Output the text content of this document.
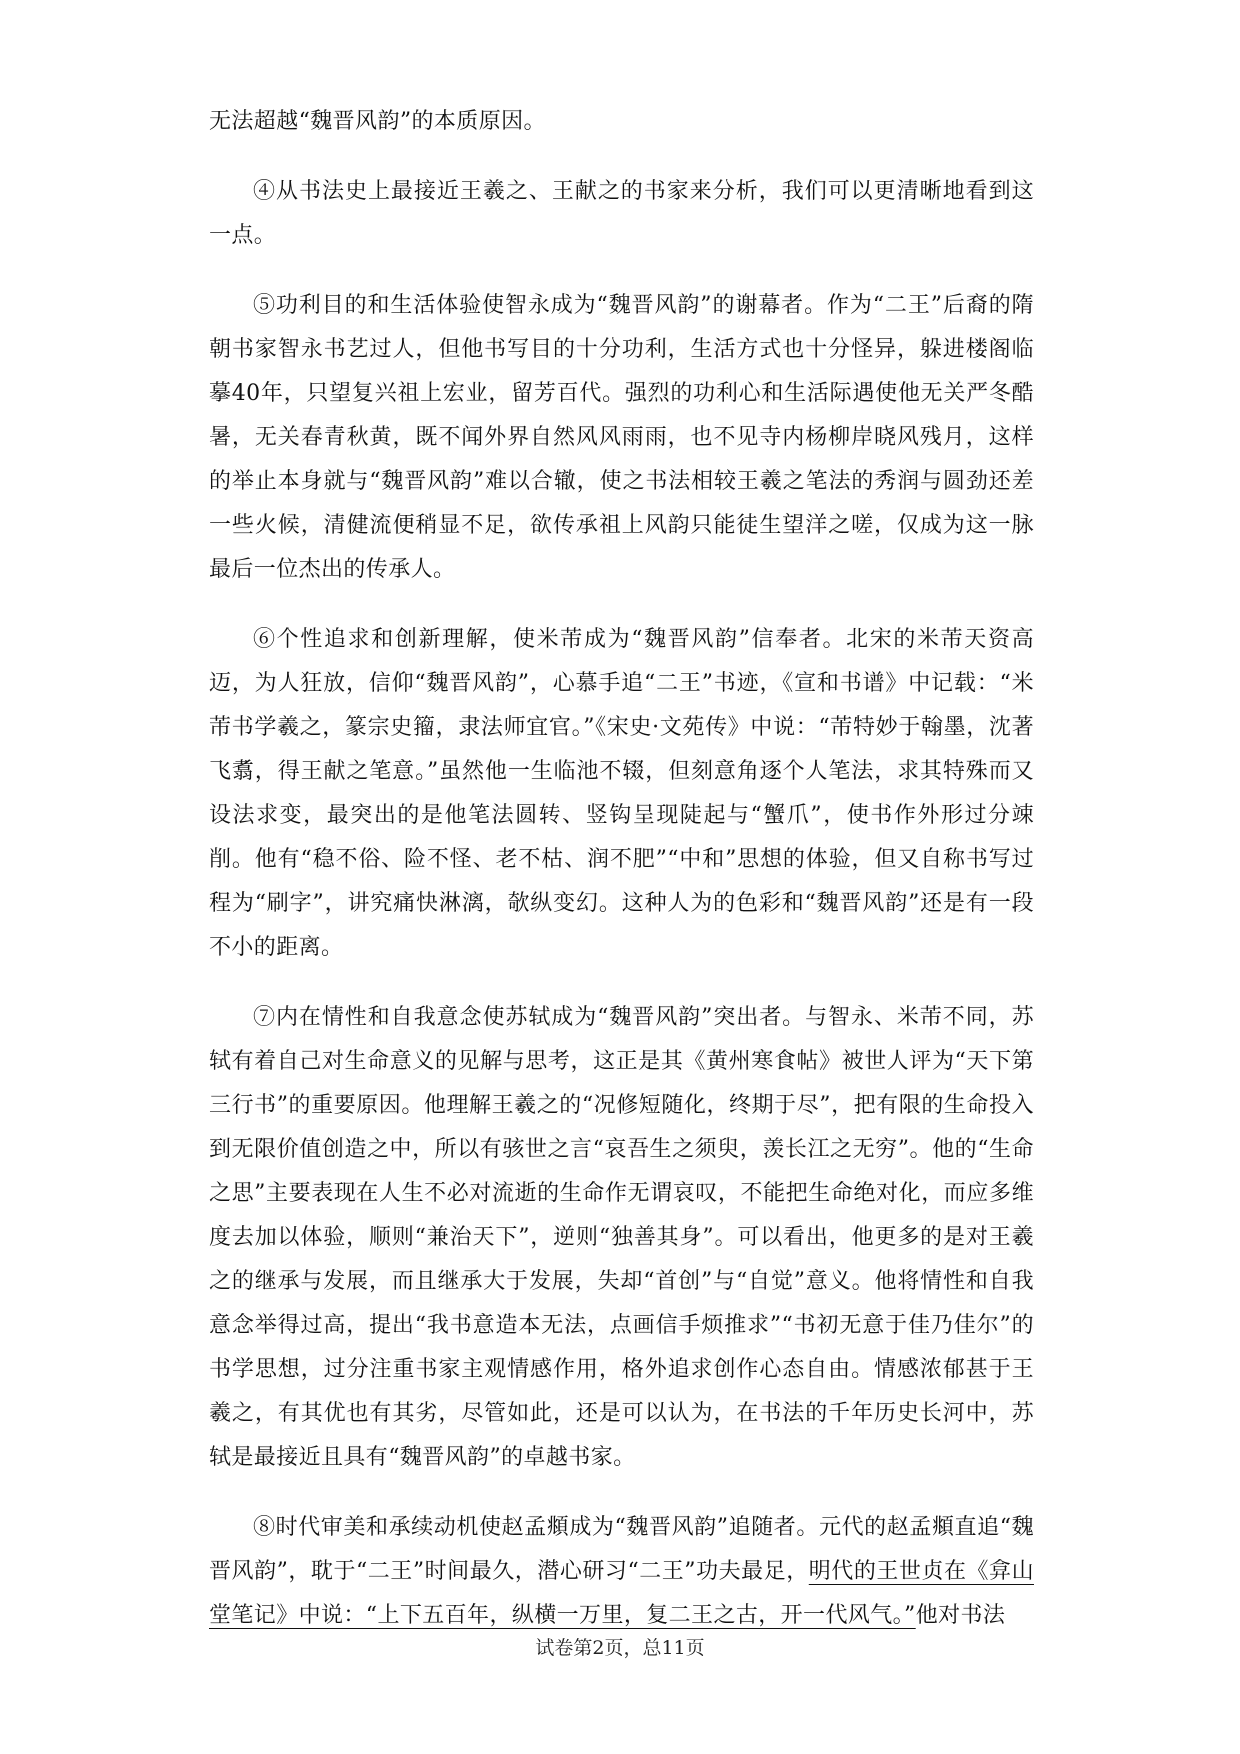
无法超越“魏晋风韵”的本质原因。

④从书法史上最接近王羲之、王献之的书家来分析，我们可以更清晰地看到这一点。

⑤功利目的和生活体验使智永成为“魏晋风韵”的谢幕者。作为“二王”后裔的隋朝书家智永书艺过人，但他书写目的十分功利，生活方式也十分怪异，躲进楼阁临摹40年，只望复兴祖上宏业，留芳百代。强烈的功利心和生活际遇使他无关严冬酷暑，无关春青秋黄，既不闻外界自然风风雨雨，也不见寺内杨柳岸晓风残月，这样的举止本身就与“魏晋风韵”难以合辙，使之书法相较王羲之笔法的秀润与圆劲还差一些火候，清健流便稍显不足，欲传承祖上风韵只能徒生望洋之嗟，仅成为这一脉最后一位杰出的传承人。

⑥个性追求和创新理解，使米芾成为“魏晋风韵”信奉者。北宋的米芾天资高迈，为人狂放，信仰“魏晋风韵”，心慕手追“二王”书迹，《宣和书谱》中记载：“米芾书学羲之，篆宗史籀，隶法师宜官。”《宋史·文苑传》中说：“芾特妙于翰墨，沈著飞翥，得王献之笔意。”虽然他一生临池不辍，但刻意角逐个人笔法，求其特殊而又设法求变，最突出的是他笔法圆转、竖钩呈现陡起与“蟹爪”，使书作外形过分竦削。他有“稳不俗、险不怪、老不枯、润不肥”“中和”思想的体验，但又自称书写过程为“刷字”，讲究痛快淋漓，欹纵变幻。这种人为的色彩和“魏晋风韵”还是有一段不小的距离。

⑦内在情性和自我意念使苏轼成为“魏晋风韵”突出者。与智永、米芾不同，苏轼有着自己对生命意义的见解与思考，这正是其《黄州寒食帖》被世人评为“天下第三行书”的重要原因。他理解王羲之的“况修短随化，终期于尽”，把有限的生命投入到无限价值创造之中，所以有骇世之言“哀吾生之须臾，羡长江之无穷”。他的“生命之思”主要表现在人生不必对流逝的生命作无谓哀叹，不能把生命绝对化，而应多维度去加以体验，顺则“兼治天下”，逆则“独善其身”。可以看出，他更多的是对王羲之的继承与发展，而且继承大于发展，失却“首创”与“自觉”意义。他将情性和自我意念举得过高，提出“我书意造本无法，点画信手烦推求”“书初无意于佳乃佳尔”的书学思想，过分注重书家主观情感作用，格外追求创作心态自由。情感浓郁甚于王羲之，有其优也有其劣，尽管如此，还是可以认为，在书法的千年历史长河中，苏轼是最接近且具有“魏晋风韵”的卓越书家。

⑧时代审美和承续动机使赵孟頫成为“魏晋风韵”追随者。元代的赵孟頫直追“魏晋风韵”，耽于“二王”时间最久，潜心研习“二王”功夫最足，明代的王世贞在《弇山堂笔记》中说：“上下五百年，纵横一万里，复二王之古，开一代风气。”他对书法

试卷第2页，总11页
